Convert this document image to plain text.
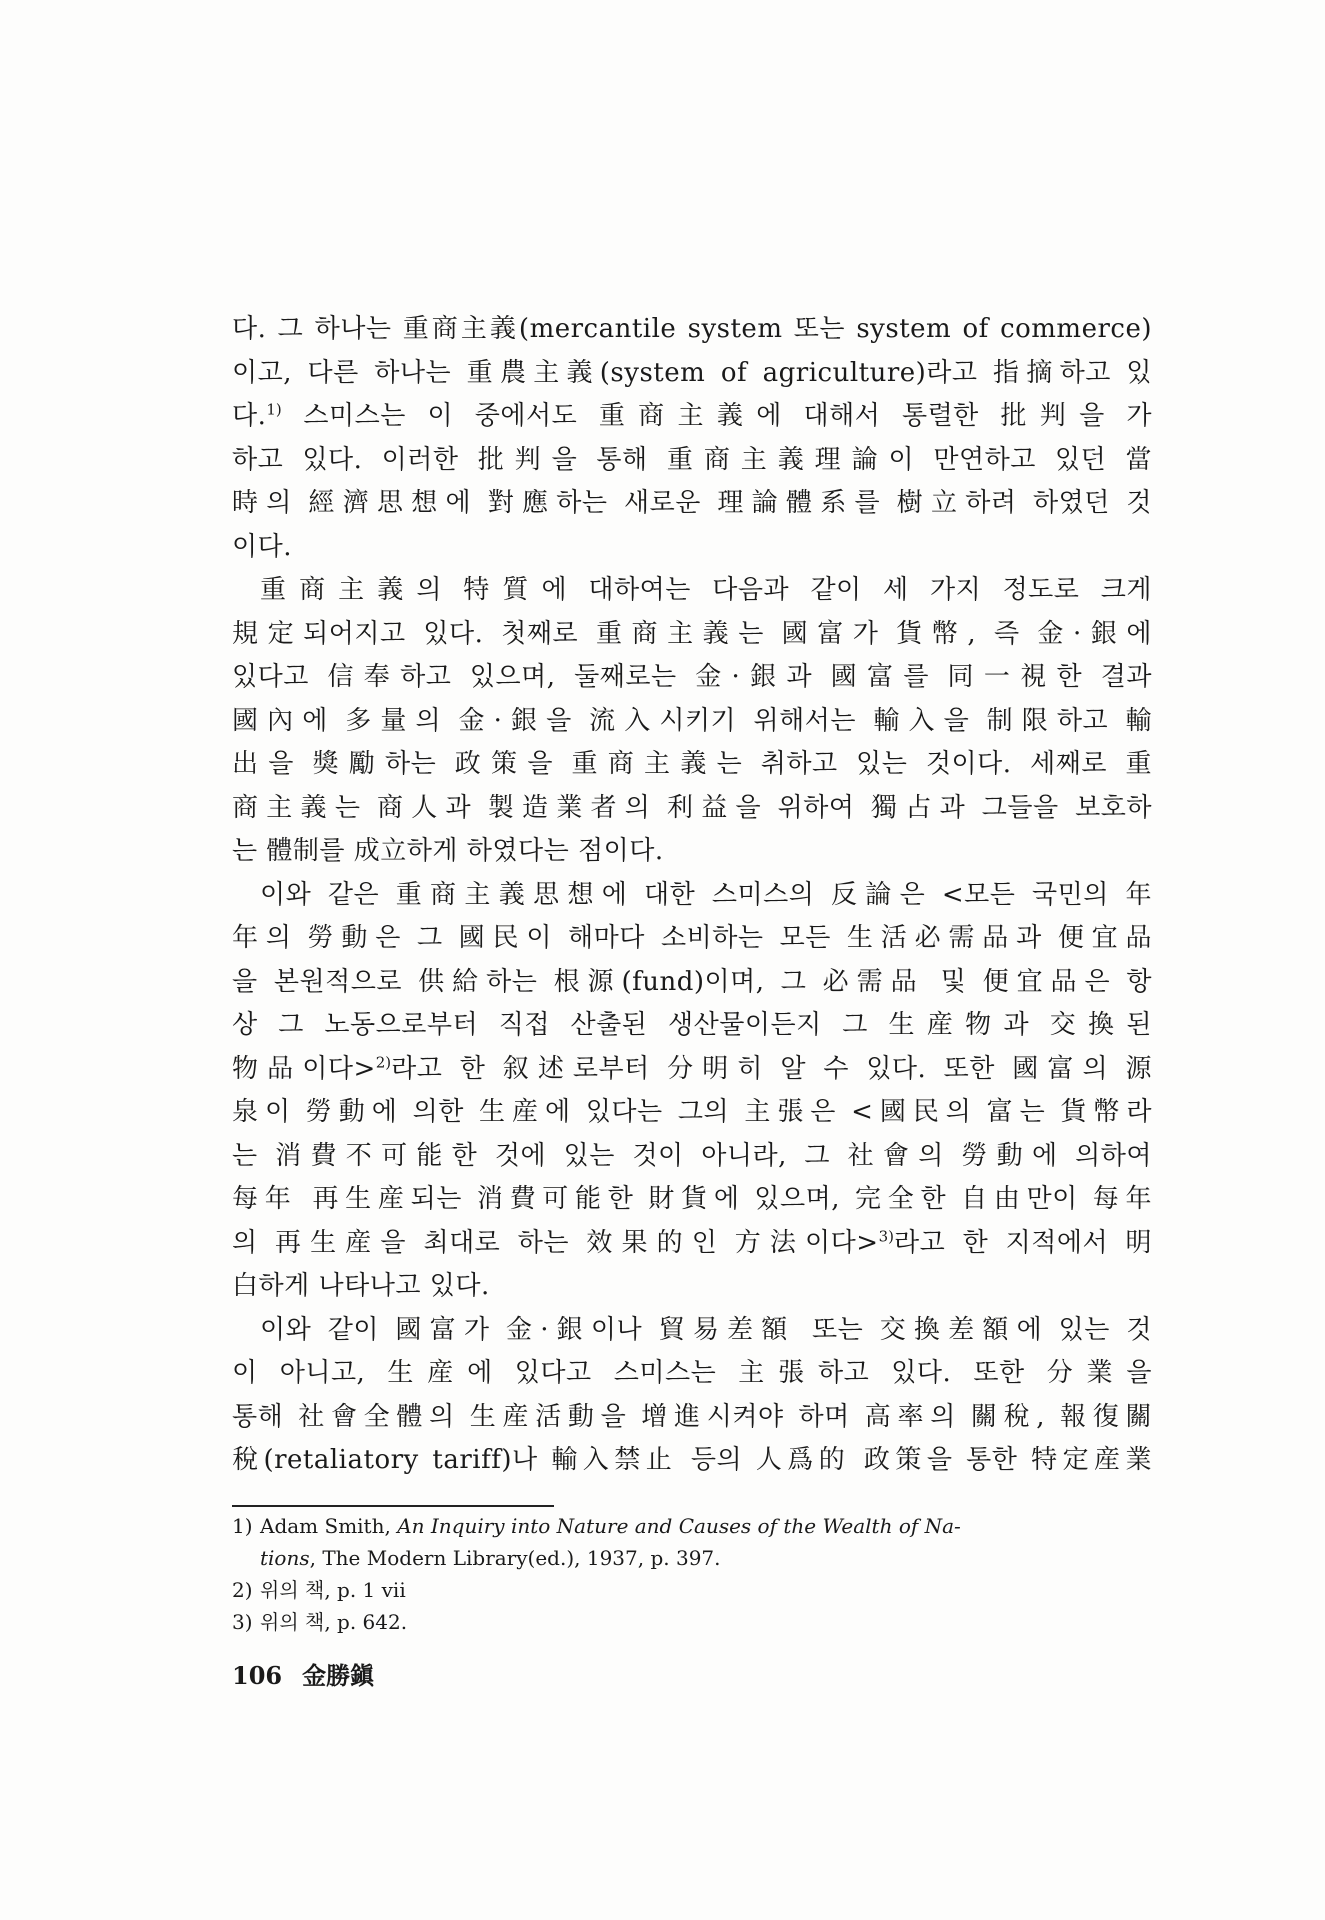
다. 그 하나는 重商主義(mercantile system 또는 system of commerce)
이고, 다른 하나는 重農主義(system of agriculture)라고 指摘하고 있
다.$^{1)}$ 스미스는 이 중에서도 重商主義에 대해서 통렬한 批判을 가
하고 있다. 이러한 批判을 통해 重商主義理論이 만연하고 있던 當
時의 經濟思想에 對應하는 새로운 理論體系를 樹立하려 하였던 것
이다.
重商主義의 特質에 대하여는 다음과 같이 세 가지 정도로 크게
規定되어지고 있다. 첫째로 重商主義는 國富가 貨幣, 즉 金·銀에
있다고 信奉하고 있으며, 둘째로는 金·銀과 國富를 同一視한 결과
國內에 多量의 金·銀을 流入시키기 위해서는 輸入을 制限하고 輸
出을 獎勵하는 政策을 重商主義는 취하고 있는 것이다. 세째로 重
商主義는 商人과 製造業者의 利益을 위하여 獨占과 그들을 보호하
는 體制를 成立하게 하였다는 점이다.
이와 같은 重商主義思想에 대한 스미스의 反論은 <모든 국민의 年
年의 勞動은 그 國民이 해마다 소비하는 모든 生活必需品과 便宜品
을 본원적으로 供給하는 根源(fund)이며, 그 必需品 및 便宜品은 항
상 그 노동으로부터 직접 산출된 생산물이든지 그 生産物과 交換된
物品이다>$^{2)}$라고 한 叙述로부터 分明히 알 수 있다. 또한 國富의 源
泉이 勞動에 의한 生産에 있다는 그의 主張은 <國民의 富는 貨幣라
는 消費不可能한 것에 있는 것이 아니라, 그 社會의 勞動에 의하여
每年 再生産되는 消費可能한 財貨에 있으며, 完全한 自由만이 每年
의 再生産을 최대로 하는 效果的인 方法이다>$^{3)}$라고 한 지적에서 明
白하게 나타나고 있다.
이와 같이 國富가 金·銀이나 貿易差額 또는 交換差額에 있는 것
이 아니고, 生産에 있다고 스미스는 主張하고 있다. 또한 分業을
통해 社會全體의 生産活動을 增進시켜야 하며 高率의 關稅, 報復關
稅(retaliatory tariff)나 輸入禁止 등의 人爲的 政策을 통한 特定産業
1) Adam Smith, An Inquiry into Nature and Causes of the Wealth of Na-
tions, The Modern Library(ed.), 1937, p. 397.
2) 위의 책, p. 1 vii
3) 위의 책, p. 642.
106 金勝鎭
